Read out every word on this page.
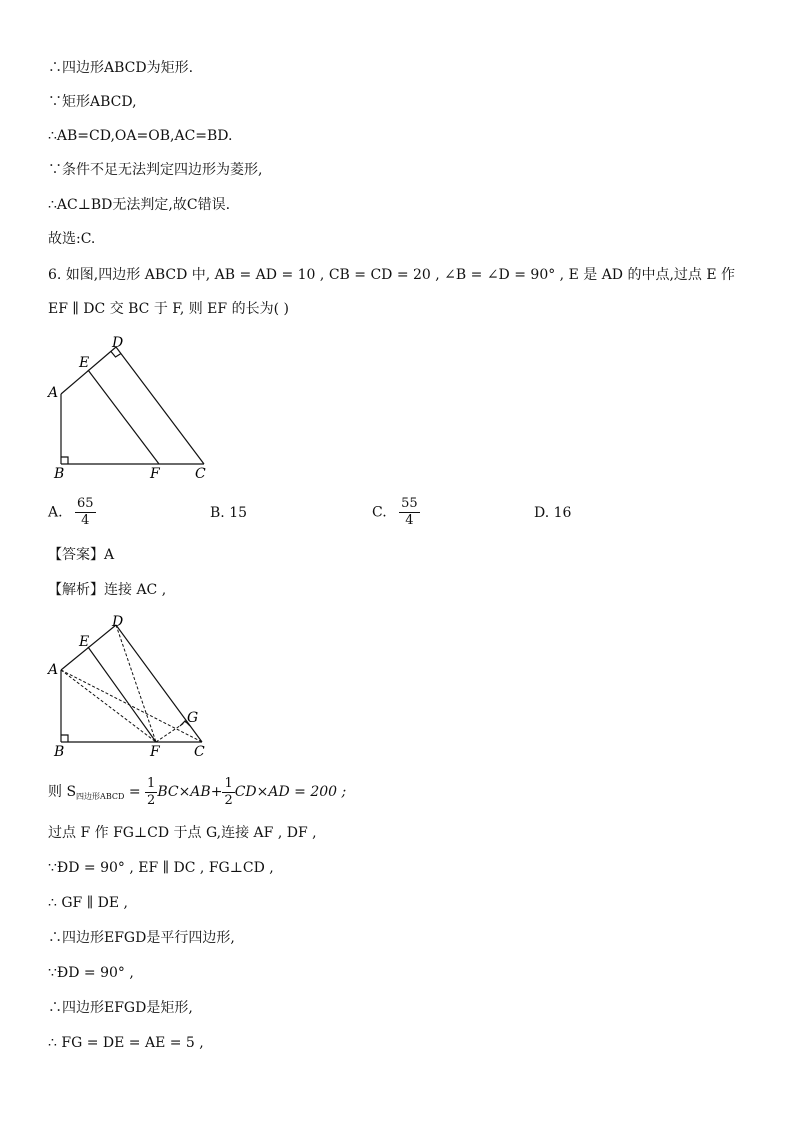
∴四边形ABCD为矩形.
∵矩形ABCD,
∴AB=CD,OA=OB,AC=BD.
∵条件不足无法判定四边形为菱形,
∴AC⊥BD无法判定,故C错误.
故选:C.
6. 如图,四边形 ABCD 中, AB = AD = 10 , CB = CD = 20 , ∠B = ∠D = 90° , E 是 AD 的中点,过点 E 作
EF ∥ DC 交 BC 于 F, 则 EF 的长为( )
A
B	C
D
E
F
A. $\frac{65}{4}$	B. 15	C. $\frac{55}{4}$	D. 16
【答案】A
【解析】连接 AC ,
A
B	C
D
E
F
G
则 $S_{四边形ABCD} = \frac{1}{2} BC\times AB+ \frac{1}{2} CD\times AD = 200$ ;
过点 F 作 FG⊥CD 于点 G,连接 AF , DF ,
∵ÐD = 90° , EF ∥ DC , FG⊥CD ,
∴ GF ∥ DE ,
∴四边形EFGD是平行四边形,
∵ÐD = 90° ,
∴四边形EFGD是矩形,
∴ FG = DE = AE = 5 ,
